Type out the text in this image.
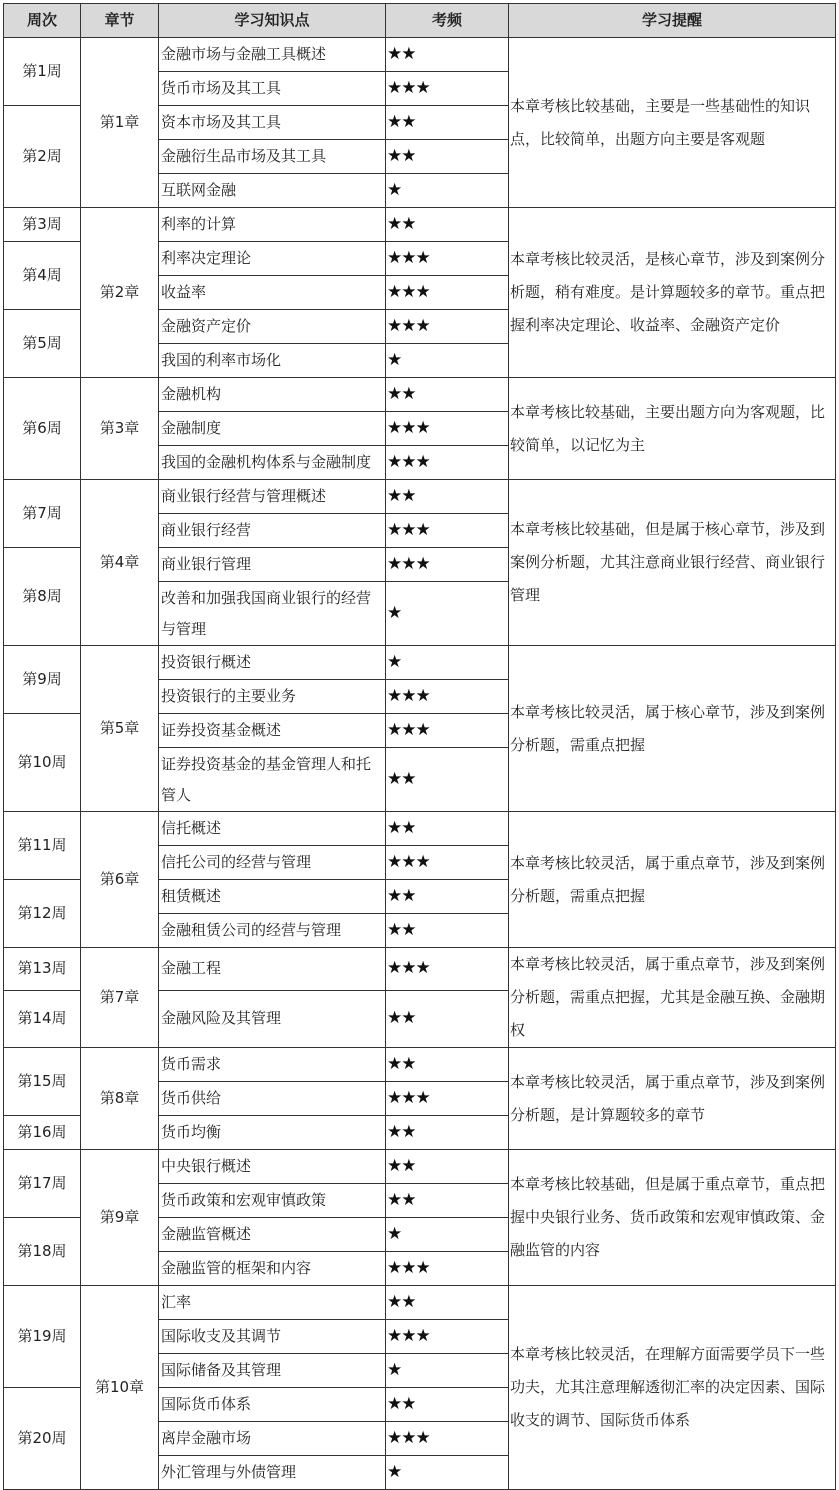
周次	章节	学习知识点	考频	学习提醒
第1周	第1章	金融市场与金融工具概述	★★	本章考核比较基础，主要是一些基础性的知识点，比较简单，出题方向主要是客观题
		货币市场及其工具	★★★	
第2周		资本市场及其工具	★★	
		金融衍生品市场及其工具	★★	
		互联网金融	★	
第3周	第2章	利率的计算	★★	本章考核比较灵活，是核心章节，涉及到案例分析题，稍有难度。是计算题较多的章节。重点把握利率决定理论、收益率、金融资产定价
第4周		利率决定理论	★★★	
		收益率	★★★	
第5周		金融资产定价	★★★	
		我国的利率市场化	★	
第6周	第3章	金融机构	★★	本章考核比较基础，主要出题方向为客观题，比较简单，以记忆为主
		金融制度	★★★	
		我国的金融机构体系与金融制度	★★★	
第7周	第4章	商业银行经营与管理概述	★★	本章考核比较基础，但是属于核心章节，涉及到案例分析题，尤其注意商业银行经营、商业银行管理
		商业银行经营	★★★	
第8周		商业银行管理	★★★	
		改善和加强我国商业银行的经营与管理	★	
第9周	第5章	投资银行概述	★	本章考核比较灵活，属于核心章节，涉及到案例分析题，需重点把握
		投资银行的主要业务	★★★	
第10周		证券投资基金概述	★★★	
		证券投资基金的基金管理人和托管人	★★	
第11周	第6章	信托概述	★★	本章考核比较灵活，属于重点章节，涉及到案例分析题，需重点把握
		信托公司的经营与管理	★★★	
第12周		租赁概述	★★	
		金融租赁公司的经营与管理	★★	
第13周	第7章	金融工程	★★★	本章考核比较灵活，属于重点章节，涉及到案例分析题，需重点把握，尤其是金融互换、金融期权
第14周		金融风险及其管理	★★	
第15周	第8章	货币需求	★★	本章考核比较灵活，属于重点章节，涉及到案例分析题，是计算题较多的章节
		货币供给	★★★	
第16周		货币均衡	★★	
第17周	第9章	中央银行概述	★★	本章考核比较基础，但是属于重点章节，重点把握中央银行业务、货币政策和宏观审慎政策、金融监管的内容
		货币政策和宏观审慎政策	★★	
第18周		金融监管概述	★	
		金融监管的框架和内容	★★★	
第19周	第10章	汇率	★★	本章考核比较灵活，在理解方面需要学员下一些功夫，尤其注意理解透彻汇率的决定因素、国际收支的调节、国际货币体系
		国际收支及其调节	★★★	
		国际储备及其管理	★	
第20周		国际货币体系	★★	
		离岸金融市场	★★★	
		外汇管理与外债管理	★	
